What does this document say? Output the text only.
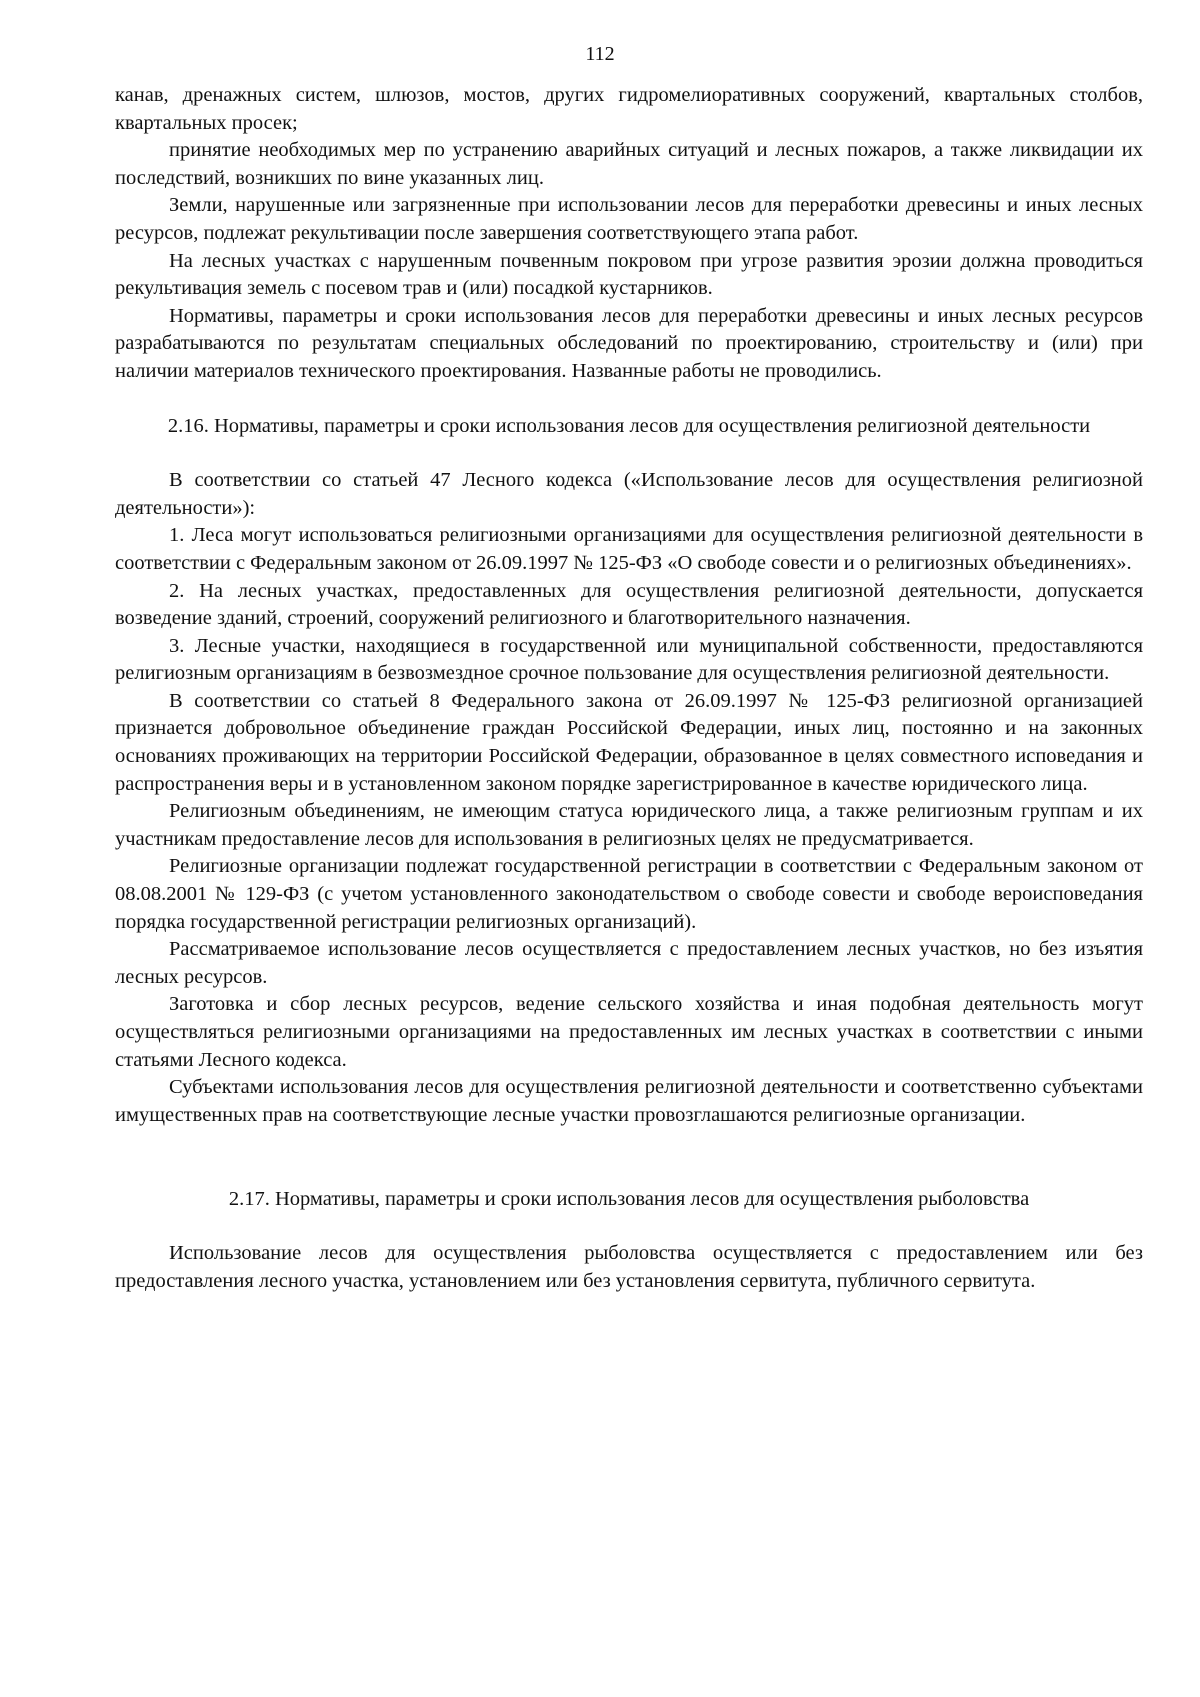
112

канав, дренажных систем, шлюзов, мостов, других гидромелиоративных сооружений, квартальных столбов, квартальных просек;

принятие необходимых мер по устранению аварийных ситуаций и лесных пожаров, а также ликвидации их последствий, возникших по вине указанных лиц.

Земли, нарушенные или загрязненные при использовании лесов для переработки древесины и иных лесных ресурсов, подлежат рекультивации после завершения соответствующего этапа работ.

На лесных участках с нарушенным почвенным покровом при угрозе развития эрозии должна проводиться рекультивация земель с посевом трав и (или) посадкой кустарников.

Нормативы, параметры и сроки использования лесов для переработки древесины и иных лесных ресурсов разрабатываются по результатам специальных обследований по проектированию, строительству и (или) при наличии материалов технического проектирования. Названные работы не проводились.

2.16. Нормативы, параметры и сроки использования лесов для осуществления религиозной деятельности

В соответствии со статьей 47 Лесного кодекса («Использование лесов для осуществления религиозной деятельности»):

1. Леса могут использоваться религиозными организациями для осуществления религиозной деятельности в соответствии с Федеральным законом от 26.09.1997 № 125-ФЗ «О свободе совести и о религиозных объединениях».

2. На лесных участках, предоставленных для осуществления религиозной деятельности, допускается возведение зданий, строений, сооружений религиозного и благотворительного назначения.

3. Лесные участки, находящиеся в государственной или муниципальной собственности, предоставляются религиозным организациям в безвозмездное срочное пользование для осуществления религиозной деятельности.

В соответствии со статьей 8 Федерального закона от 26.09.1997 № 125-ФЗ религиозной организацией признается добровольное объединение граждан Российской Федерации, иных лиц, постоянно и на законных основаниях проживающих на территории Российской Федерации, образованное в целях совместного исповедания и распространения веры и в установленном законом порядке зарегистрированное в качестве юридического лица.

Религиозным объединениям, не имеющим статуса юридического лица, а также религиозным группам и их участникам предоставление лесов для использования в религиозных целях не предусматривается.

Религиозные организации подлежат государственной регистрации в соответствии с Федеральным законом от 08.08.2001 № 129-ФЗ (с учетом установленного законодательством о свободе совести и свободе вероисповедания порядка государственной регистрации религиозных организаций).

Рассматриваемое использование лесов осуществляется с предоставлением лесных участков, но без изъятия лесных ресурсов.

Заготовка и сбор лесных ресурсов, ведение сельского хозяйства и иная подобная деятельность могут осуществляться религиозными организациями на предоставленных им лесных участках в соответствии с иными статьями Лесного кодекса.

Субъектами использования лесов для осуществления религиозной деятельности и соответственно субъектами имущественных прав на соответствующие лесные участки провозглашаются религиозные организации.

2.17. Нормативы, параметры и сроки использования лесов для осуществления рыболовства

Использование лесов для осуществления рыболовства осуществляется с предоставлением или без предоставления лесного участка, установлением или без установления сервитута, публичного сервитута.
